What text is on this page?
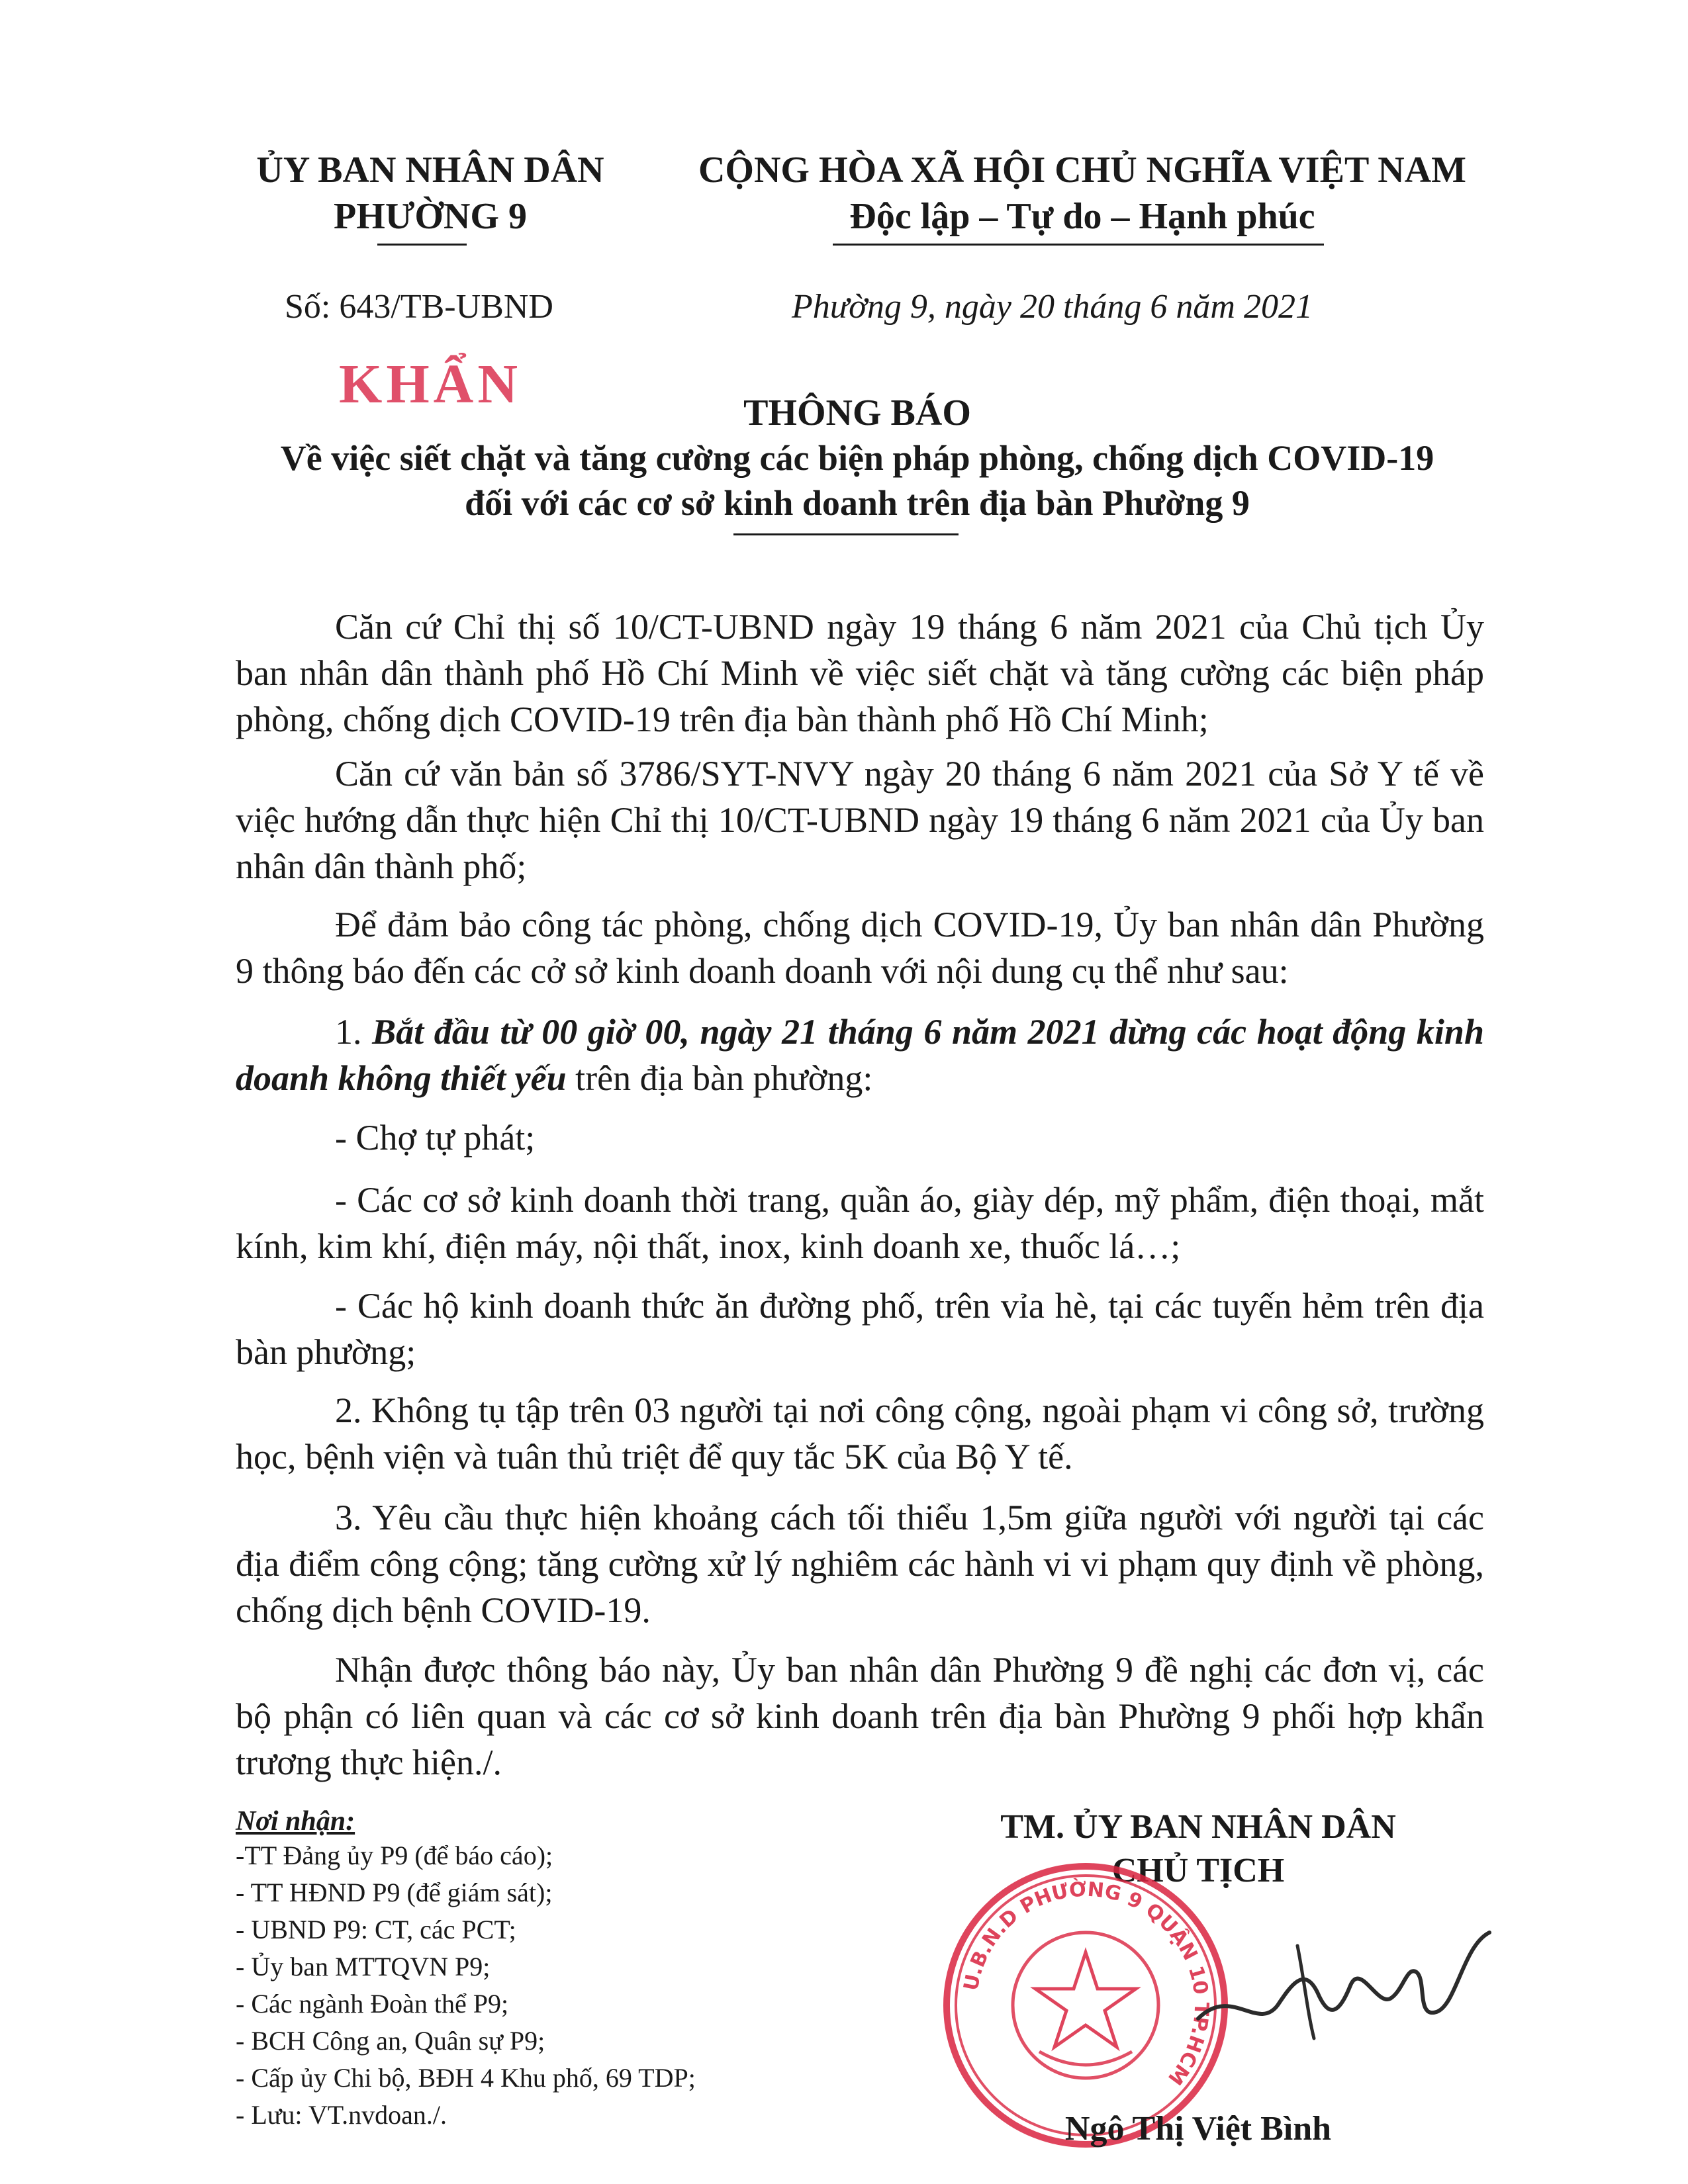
ỦY BAN NHÂN DÂN
PHƯỜNG 9
CỘNG HÒA XÃ HỘI CHỦ NGHĨA VIỆT NAM
Độc lập – Tự do – Hạnh phúc
Số: 643/TB-UBND	Phường 9, ngày 20 tháng 6 năm 2021
KHẨN	THÔNG BÁO
Về việc siết chặt và tăng cường các biện pháp phòng, chống dịch COVID-19
đối với các cơ sở kinh doanh trên địa bàn Phường 9
Căn cứ Chỉ thị số 10/CT-UBND ngày 19 tháng 6 năm 2021 của Chủ tịch Ủy ban nhân dân thành phố Hồ Chí Minh về việc siết chặt và tăng cường các biện pháp phòng, chống dịch COVID-19 trên địa bàn thành phố Hồ Chí Minh;
Căn cứ văn bản số 3786/SYT-NVY ngày 20 tháng 6 năm 2021 của Sở Y tế về việc hướng dẫn thực hiện Chỉ thị 10/CT-UBND ngày 19 tháng 6 năm 2021 của Ủy ban nhân dân thành phố;
Để đảm bảo công tác phòng, chống dịch COVID-19, Ủy ban nhân dân Phường 9 thông báo đến các cở sở kinh doanh doanh với nội dung cụ thể như sau:
1. Bắt đầu từ 00 giờ 00, ngày 21 tháng 6 năm 2021 dừng các hoạt động kinh doanh không thiết yếu trên địa bàn phường:
- Chợ tự phát;
- Các cơ sở kinh doanh thời trang, quần áo, giày dép, mỹ phẩm, điện thoại, mắt kính, kim khí, điện máy, nội thất, inox, kinh doanh xe, thuốc lá…;
- Các hộ kinh doanh thức ăn đường phố, trên vỉa hè, tại các tuyến hẻm trên địa bàn phường;
2. Không tụ tập trên 03 người tại nơi công cộng, ngoài phạm vi công sở, trường học, bệnh viện và tuân thủ triệt để quy tắc 5K của Bộ Y tế.
3. Yêu cầu thực hiện khoảng cách tối thiểu 1,5m giữa người với người tại các địa điểm công cộng; tăng cường xử lý nghiêm các hành vi vi phạm quy định về phòng, chống dịch bệnh COVID-19.
Nhận được thông báo này, Ủy ban nhân dân Phường 9 đề nghị các đơn vị, các bộ phận có liên quan và các cơ sở kinh doanh trên địa bàn Phường 9 phối hợp khẩn trương thực hiện./.
Nơi nhận:
-TT Đảng ủy P9 (để báo cáo);
- TT HĐND P9 (để giám sát);
- UBND P9: CT, các PCT;
- Ủy ban MTTQVN P9;
- Các ngành Đoàn thể P9;
- BCH Công an, Quân sự P9;
- Cấp ủy Chi bộ, BĐH 4 Khu phố, 69 TDP;
- Lưu: VT.nvdoan./.
TM. ỦY BAN NHÂN DÂN
CHỦ TỊCH
U.B.N.D PHƯỜNG 9 QUẬN 10 TP.HCM
Ngô Thị Việt Bình
